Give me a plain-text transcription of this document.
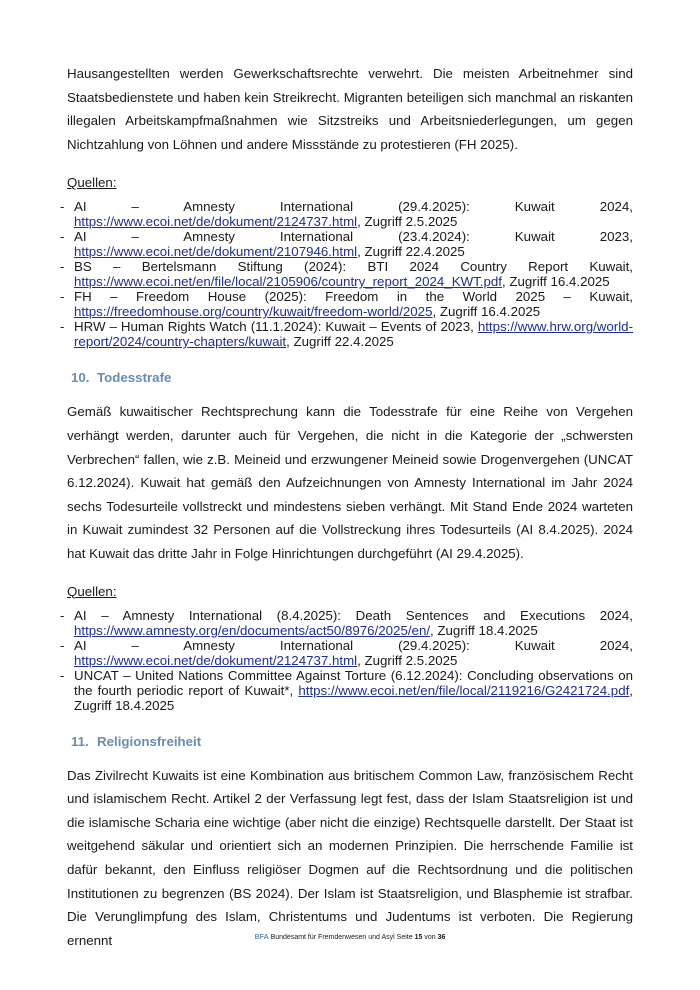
Hausangestellten werden Gewerkschaftsrechte verwehrt. Die meisten Arbeitnehmer sind Staatsbedienstete und haben kein Streikrecht. Migranten beteiligen sich manchmal an riskanten illegalen Arbeitskampfmaßnahmen wie Sitzstreiks und Arbeitsniederlegungen, um gegen Nichtzahlung von Löhnen und andere Missstände zu protestieren (FH 2025).

Quellen:

- AI – Amnesty International (29.4.2025): Kuwait 2024, https://www.ecoi.net/de/dokument/2124737.html, Zugriff 2.5.2025
- AI – Amnesty International (23.4.2024): Kuwait 2023, https://www.ecoi.net/de/dokument/2107946.html, Zugriff 22.4.2025
- BS – Bertelsmann Stiftung (2024): BTI 2024 Country Report Kuwait, https://www.ecoi.net/en/file/local/2105906/country_report_2024_KWT.pdf, Zugriff 16.4.2025
- FH – Freedom House (2025): Freedom in the World 2025 – Kuwait, https://freedomhouse.org/country/kuwait/freedom-world/2025, Zugriff 16.4.2025
- HRW – Human Rights Watch (11.1.2024): Kuwait – Events of 2023, https://www.hrw.org/world-report/2024/country-chapters/kuwait, Zugriff 22.4.2025

10. Todesstrafe

Gemäß kuwaitischer Rechtsprechung kann die Todesstrafe für eine Reihe von Vergehen verhängt werden, darunter auch für Vergehen, die nicht in die Kategorie der „schwersten Verbrechen“ fallen, wie z.B. Meineid und erzwungener Meineid sowie Drogenvergehen (UNCAT 6.12.2024). Kuwait hat gemäß den Aufzeichnungen von Amnesty International im Jahr 2024 sechs Todesurteile vollstreckt und mindestens sieben verhängt. Mit Stand Ende 2024 warteten in Kuwait zumindest 32 Personen auf die Vollstreckung ihres Todesurteils (AI 8.4.2025). 2024 hat Kuwait das dritte Jahr in Folge Hinrichtungen durchgeführt (AI 29.4.2025).

Quellen:

- AI – Amnesty International (8.4.2025): Death Sentences and Executions 2024, https://www.amnesty.org/en/documents/act50/8976/2025/en/, Zugriff 18.4.2025
- AI – Amnesty International (29.4.2025): Kuwait 2024, https://www.ecoi.net/de/dokument/2124737.html, Zugriff 2.5.2025
- UNCAT – United Nations Committee Against Torture (6.12.2024): Concluding observations on the fourth periodic report of Kuwait*, https://www.ecoi.net/en/file/local/2119216/G2421724.pdf, Zugriff 18.4.2025

11. Religionsfreiheit

Das Zivilrecht Kuwaits ist eine Kombination aus britischem Common Law, französischem Recht und islamischem Recht. Artikel 2 der Verfassung legt fest, dass der Islam Staatsreligion ist und die islamische Scharia eine wichtige (aber nicht die einzige) Rechtsquelle darstellt. Der Staat ist weitgehend säkular und orientiert sich an modernen Prinzipien. Die herrschende Familie ist dafür bekannt, den Einfluss religiöser Dogmen auf die Rechtsordnung und die politischen Institutionen zu begrenzen (BS 2024). Der Islam ist Staatsreligion, und Blasphemie ist strafbar. Die Verunglimpfung des Islam, Christentums und Judentums ist verboten. Die Regierung ernennt	BFA Bundesamt für Fremdenwesen und Asyl Seite 15 von 36
